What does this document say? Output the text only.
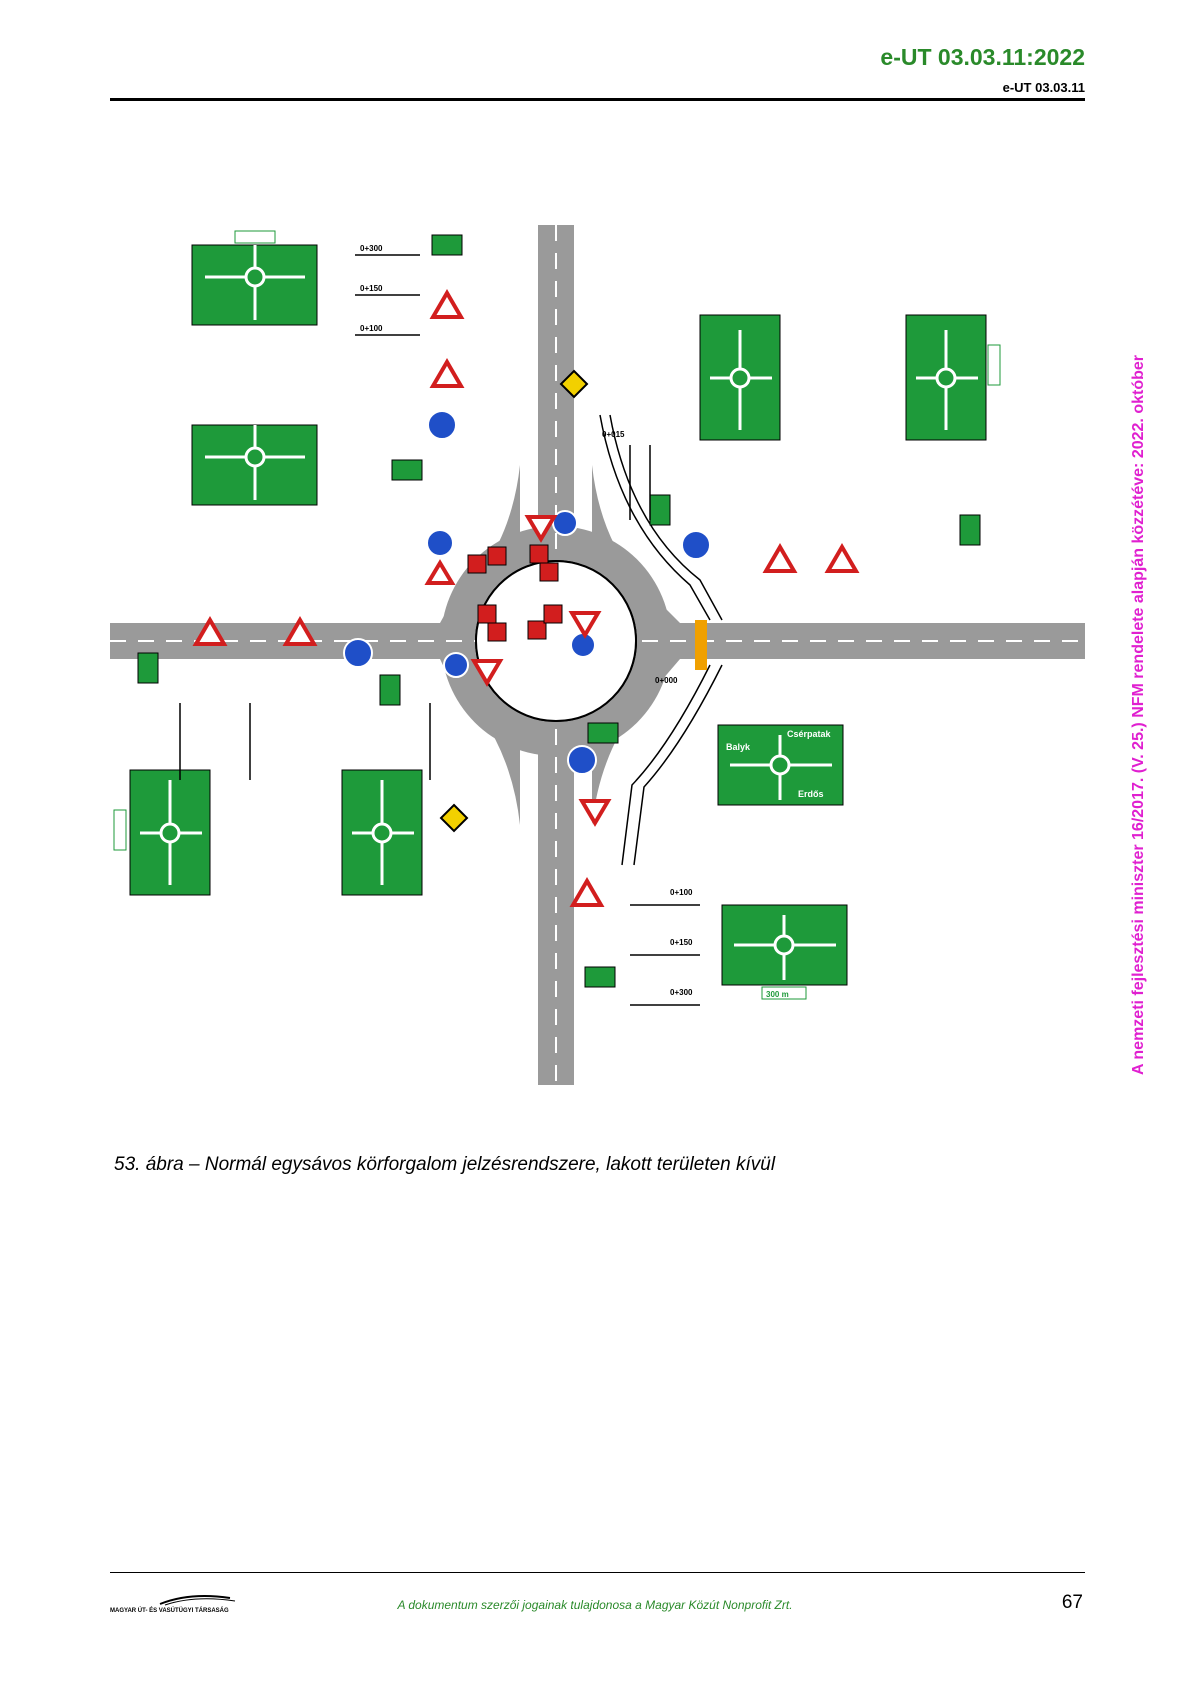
e-UT 03.03.11:2022
e-UT 03.03.11
A nemzeti fejlesztési miniszter 16/2017. (V. 25.) NFM rendelete alapján közzétéve: 2022. október
Balyk
Csérpatak
Erdős
300 m
0+300
0+150
0+100
0+015
0+000
0+100
0+150
0+300
53. ábra – Normál egysávos körforgalom jelzésrendszere, lakott területen kívül
MAGYAR ÚT- ÉS VASÚTÜGYI TÁRSASÁG	A dokumentum szerzői jogainak tulajdonosa a Magyar Közút Nonprofit Zrt.	67
